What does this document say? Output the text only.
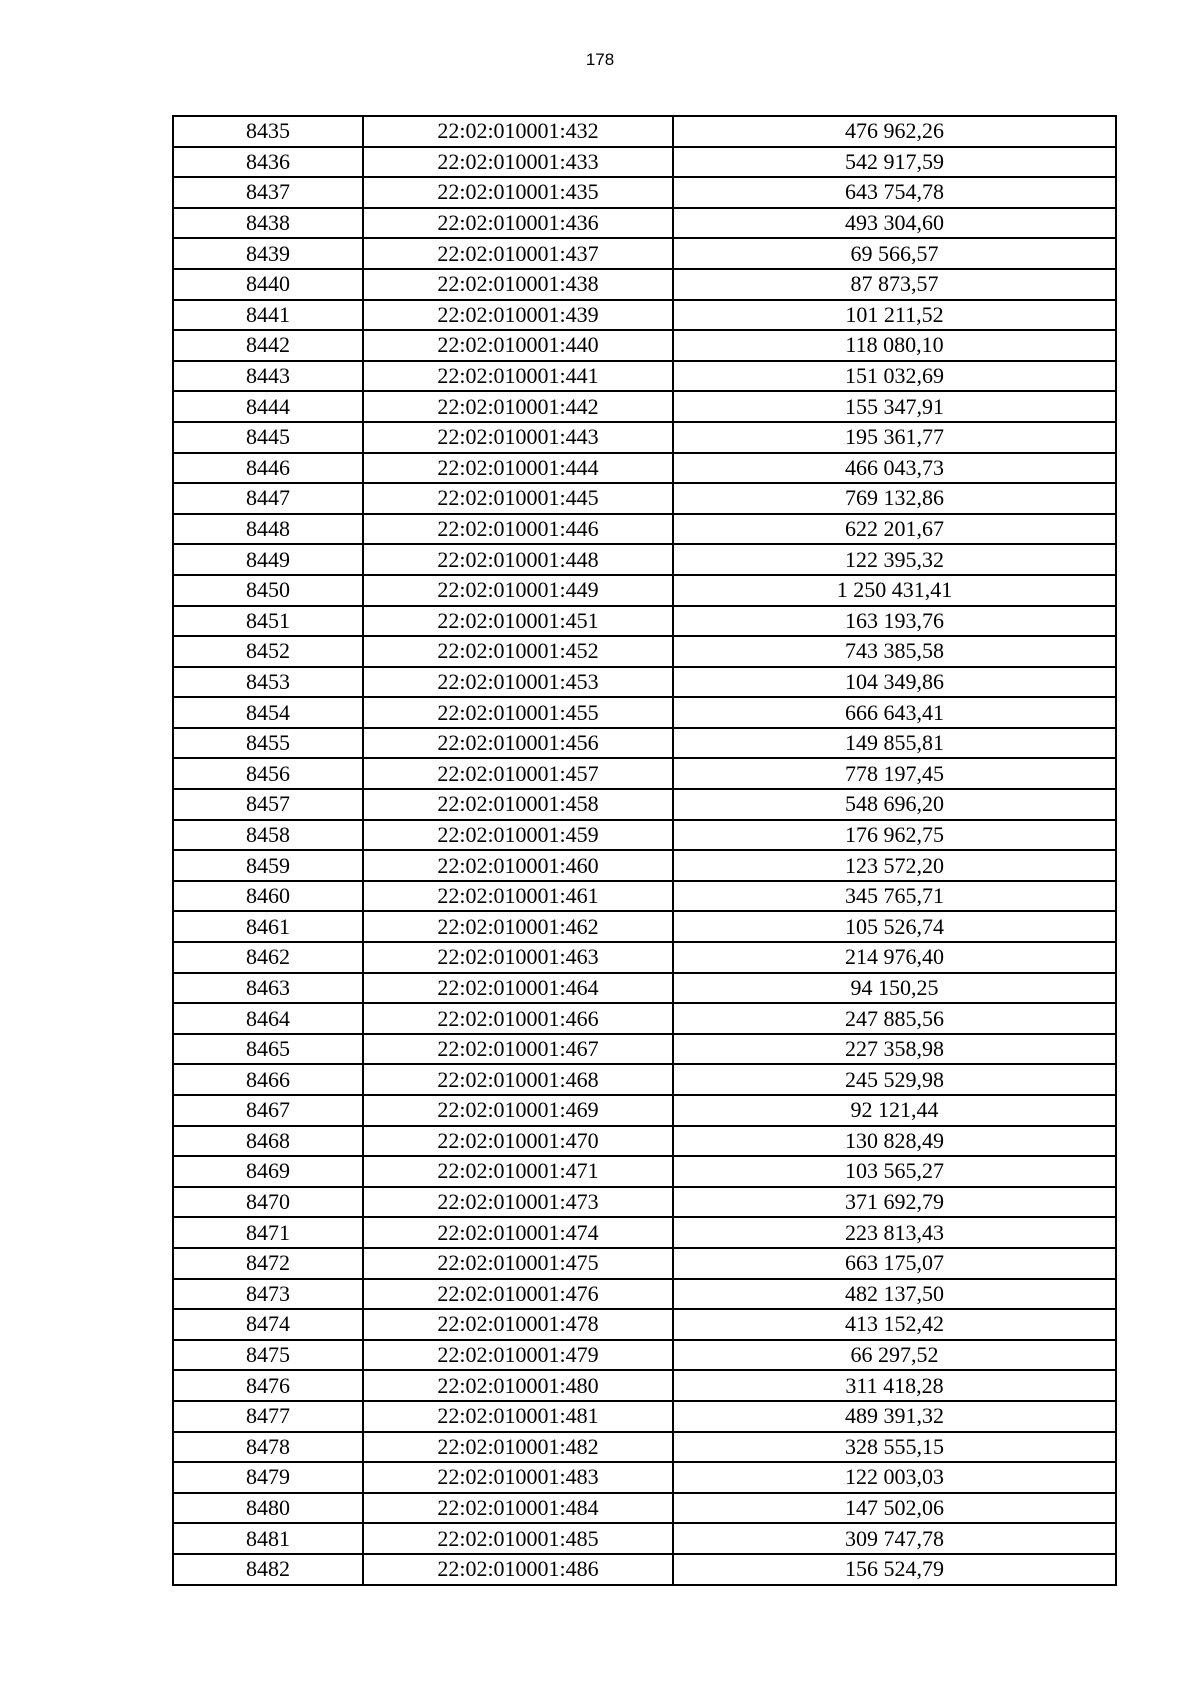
178
8435	22:02:010001:432	476 962,26
8436	22:02:010001:433	542 917,59
8437	22:02:010001:435	643 754,78
8438	22:02:010001:436	493 304,60
8439	22:02:010001:437	69 566,57
8440	22:02:010001:438	87 873,57
8441	22:02:010001:439	101 211,52
8442	22:02:010001:440	118 080,10
8443	22:02:010001:441	151 032,69
8444	22:02:010001:442	155 347,91
8445	22:02:010001:443	195 361,77
8446	22:02:010001:444	466 043,73
8447	22:02:010001:445	769 132,86
8448	22:02:010001:446	622 201,67
8449	22:02:010001:448	122 395,32
8450	22:02:010001:449	1 250 431,41
8451	22:02:010001:451	163 193,76
8452	22:02:010001:452	743 385,58
8453	22:02:010001:453	104 349,86
8454	22:02:010001:455	666 643,41
8455	22:02:010001:456	149 855,81
8456	22:02:010001:457	778 197,45
8457	22:02:010001:458	548 696,20
8458	22:02:010001:459	176 962,75
8459	22:02:010001:460	123 572,20
8460	22:02:010001:461	345 765,71
8461	22:02:010001:462	105 526,74
8462	22:02:010001:463	214 976,40
8463	22:02:010001:464	94 150,25
8464	22:02:010001:466	247 885,56
8465	22:02:010001:467	227 358,98
8466	22:02:010001:468	245 529,98
8467	22:02:010001:469	92 121,44
8468	22:02:010001:470	130 828,49
8469	22:02:010001:471	103 565,27
8470	22:02:010001:473	371 692,79
8471	22:02:010001:474	223 813,43
8472	22:02:010001:475	663 175,07
8473	22:02:010001:476	482 137,50
8474	22:02:010001:478	413 152,42
8475	22:02:010001:479	66 297,52
8476	22:02:010001:480	311 418,28
8477	22:02:010001:481	489 391,32
8478	22:02:010001:482	328 555,15
8479	22:02:010001:483	122 003,03
8480	22:02:010001:484	147 502,06
8481	22:02:010001:485	309 747,78
8482	22:02:010001:486	156 524,79
